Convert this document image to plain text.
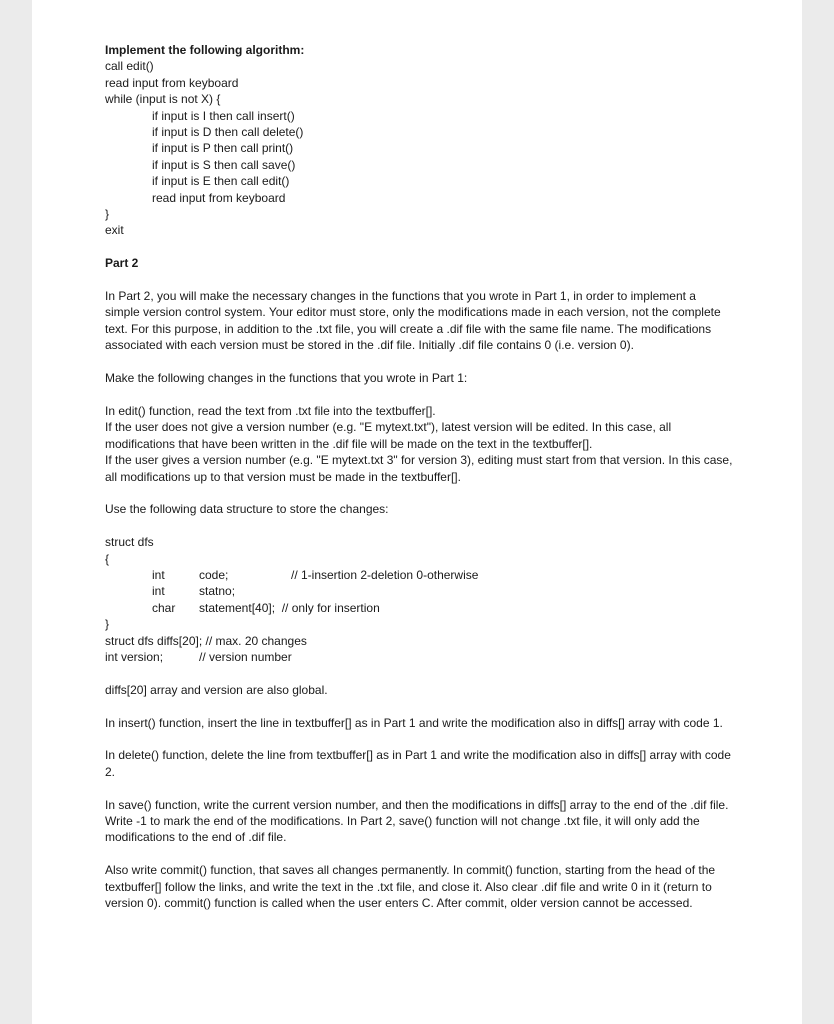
Implement the following algorithm:

call edit()

read input from keyboard

while (input is not X) {

if input is I then call insert()

if input is D then call delete()

if input is P then call print()

if input is S then call save()

if input is E then call edit()

read input from keyboard

}

exit

Part 2

In Part 2, you will make the necessary changes in the functions that you wrote in Part 1, in order to implement a simple version control system. Your editor must store, only the modifications made in each version, not the complete text. For this purpose, in addition to the .txt file, you will create a .dif file with the same file name. The modifications associated with each version must be stored in the .dif file. Initially .dif file contains 0 (i.e. version 0).

Make the following changes in the functions that you wrote in Part 1:

In edit() function, read the text from .txt file into the textbuffer[].

If the user does not give a version number (e.g. "E mytext.txt"), latest version will be edited. In this case, all modifications that have been written in the .dif file will be made on the text in the textbuffer[].

If the user gives a version number (e.g. "E mytext.txt 3" for version 3), editing must start from that version. In this case, all modifications up to that version must be made in the textbuffer[].

Use the following data structure to store the changes:

struct dfs

{

int	code;	// 1-insertion 2-deletion 0-otherwise
int	statno;
char	statement[40]; // only for insertion

}

struct dfs diffs[20]; // max. 20 changes

int version;	// version number

diffs[20] array and version are also global.

In insert() function, insert the line in textbuffer[] as in Part 1 and write the modification also in diffs[] array with code 1.

In delete() function, delete the line from textbuffer[] as in Part 1 and write the modification also in diffs[] array with code 2.

In save() function, write the current version number, and then the modifications in diffs[] array to the end of the .dif file. Write -1 to mark the end of the modifications. In Part 2, save() function will not change .txt file, it will only add the modifications to the end of .dif file.

Also write commit() function, that saves all changes permanently. In commit() function, starting from the head of the textbuffer[] follow the links, and write the text in the .txt file, and close it. Also clear .dif file and write 0 in it (return to version 0). commit() function is called when the user enters C. After commit, older version cannot be accessed.
